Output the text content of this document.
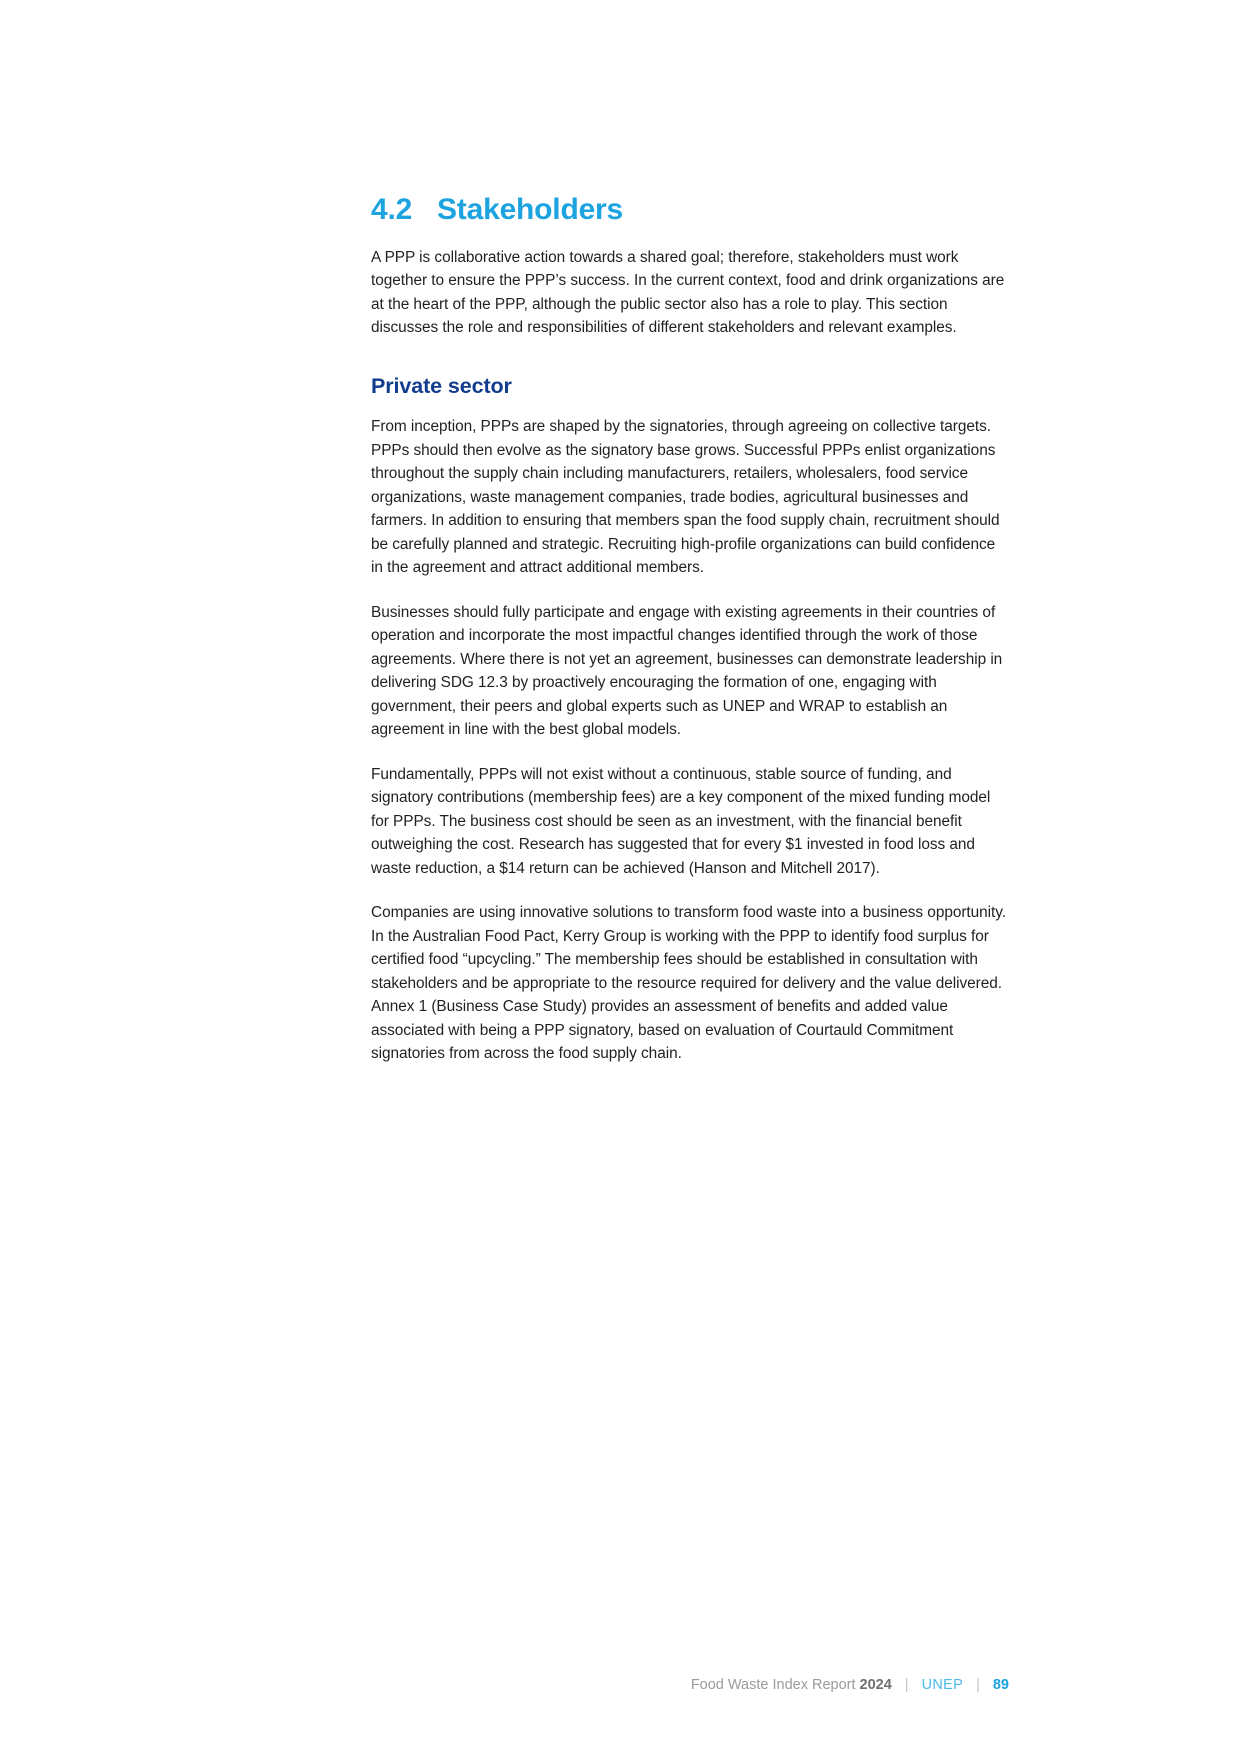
4.2 Stakeholders

A PPP is collaborative action towards a shared goal; therefore, stakeholders must work together to ensure the PPP’s success. In the current context, food and drink organizations are at the heart of the PPP, although the public sector also has a role to play. This section discusses the role and responsibilities of different stakeholders and relevant examples.

Private sector

From inception, PPPs are shaped by the signatories, through agreeing on collective targets. PPPs should then evolve as the signatory base grows. Successful PPPs enlist organizations throughout the supply chain including manufacturers, retailers, wholesalers, food service organizations, waste management companies, trade bodies, agricultural businesses and farmers. In addition to ensuring that members span the food supply chain, recruitment should be carefully planned and strategic. Recruiting high-profile organizations can build confidence in the agreement and attract additional members.

Businesses should fully participate and engage with existing agreements in their countries of operation and incorporate the most impactful changes identified through the work of those agreements. Where there is not yet an agreement, businesses can demonstrate leadership in delivering SDG 12.3 by proactively encouraging the formation of one, engaging with government, their peers and global experts such as UNEP and WRAP to establish an agreement in line with the best global models.

Fundamentally, PPPs will not exist without a continuous, stable source of funding, and signatory contributions (membership fees) are a key component of the mixed funding model for PPPs. The business cost should be seen as an investment, with the financial benefit outweighing the cost. Research has suggested that for every $1 invested in food loss and waste reduction, a $14 return can be achieved (Hanson and Mitchell 2017).

Companies are using innovative solutions to transform food waste into a business opportunity. In the Australian Food Pact, Kerry Group is working with the PPP to identify food surplus for certified food “upcycling.” The membership fees should be established in consultation with stakeholders and be appropriate to the resource required for delivery and the value delivered. Annex 1 (Business Case Study) provides an assessment of benefits and added value associated with being a PPP signatory, based on evaluation of Courtauld Commitment signatories from across the food supply chain.

Food Waste Index Report 2024 | UNEP | 89
